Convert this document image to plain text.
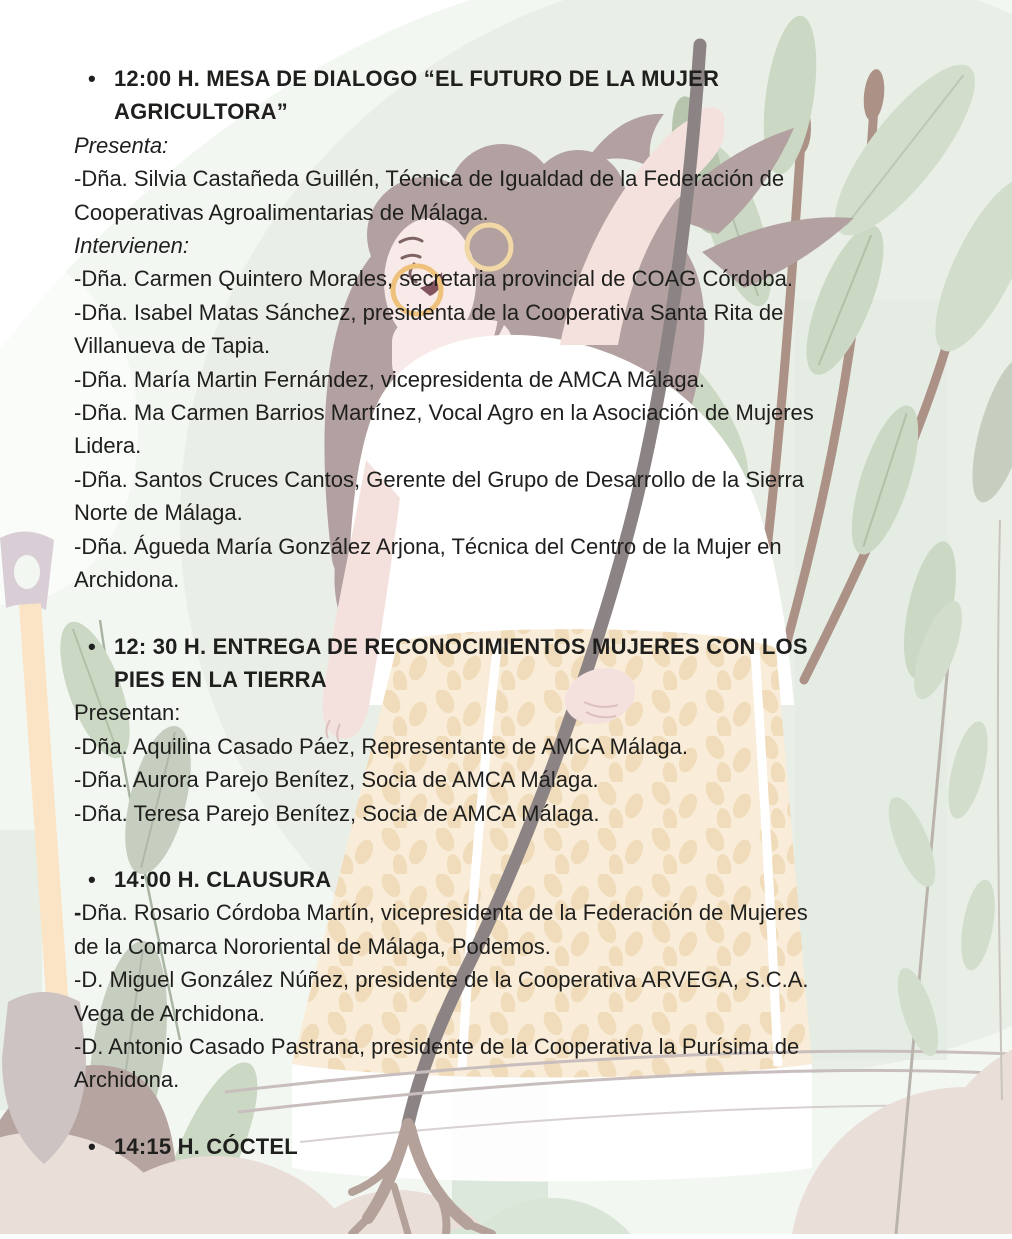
• 12:00 H. MESA DE DIALOGO “EL FUTURO DE LA MUJER AGRICULTORA”

Presenta:

-Dña. Silvia Castañeda Guillén, Técnica de Igualdad de la Federación de Cooperativas Agroalimentarias de Málaga.

Intervienen:

-Dña. Carmen Quintero Morales, secretaria provincial de COAG Córdoba.

-Dña. Isabel Matas Sánchez, presidenta de la Cooperativa Santa Rita de Villanueva de Tapia.

-Dña. María Martin Fernández, vicepresidenta de AMCA Málaga.

-Dña. Ma Carmen Barrios Martínez, Vocal Agro en la Asociación de Mujeres Lidera.

-Dña. Santos Cruces Cantos, Gerente del Grupo de Desarrollo de la Sierra Norte de Málaga.

-Dña. Águeda María González Arjona, Técnica del Centro de la Mujer en Archidona.

• 12: 30 H. ENTREGA DE RECONOCIMIENTOS MUJERES CON LOS PIES EN LA TIERRA

Presentan:

-Dña. Aquilina Casado Páez, Representante de AMCA Málaga.

-Dña. Aurora Parejo Benítez, Socia de AMCA Málaga.

-Dña. Teresa Parejo Benítez, Socia de AMCA Málaga.

• 14:00 H. CLAUSURA

-Dña. Rosario Córdoba Martín, vicepresidenta de la Federación de Mujeres de la Comarca Nororiental de Málaga, Podemos.

-D. Miguel González Núñez, presidente de la Cooperativa ARVEGA, S.C.A. Vega de Archidona.

-D. Antonio Casado Pastrana, presidente de la Cooperativa la Purísima de Archidona.

• 14:15 H. CÓCTEL
